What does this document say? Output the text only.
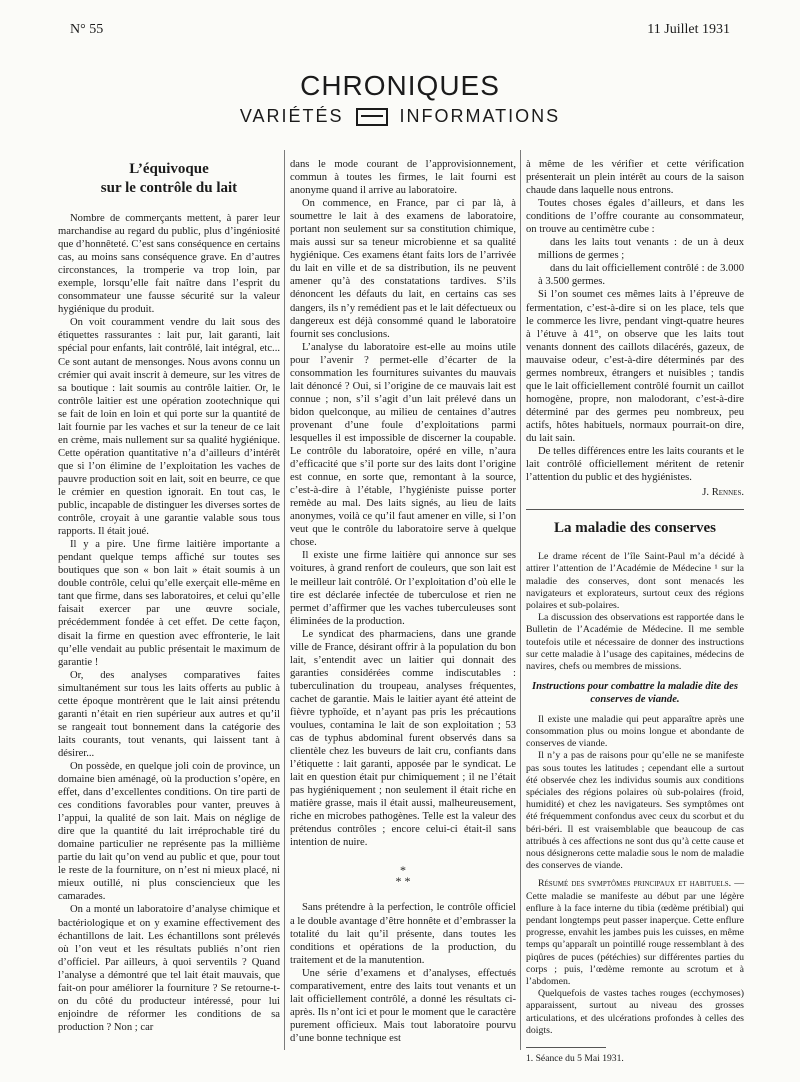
N° 55	11 Juillet 1931
CHRONIQUES
VARIÉTÉS	INFORMATIONS
L’équivoque
sur le contrôle du lait

Nombre de commerçants mettent, à parer leur marchandise au regard du public, plus d’ingéniosité que d’honnêteté. C’est sans conséquence en certains cas, au moins sans conséquence grave. En d’autres circonstances, la tromperie va trop loin, par exemple, lorsqu’elle fait naître dans l’esprit du consommateur une fausse sécurité sur la valeur hygiénique du produit.

On voit couramment vendre du lait sous des étiquettes rassurantes : lait pur, lait garanti, lait spécial pour enfants, lait contrôlé, lait intégral, etc... Ce sont autant de mensonges. Nous avons connu un crémier qui avait inscrit à demeure, sur les vitres de sa boutique : lait soumis au contrôle laitier. Or, le contrôle laitier est une opération zootechnique qui se fait de loin en loin et qui porte sur la quantité de lait fournie par les vaches et sur la teneur de ce lait en crème, mais nullement sur sa qualité hygiénique. Cette opération quantitative n’a d’ailleurs d’intérêt que si l’on élimine de l’exploitation les vaches de pauvre production soit en lait, soit en beurre, ce que le crémier en question ignorait. En tout cas, le public, incapable de distinguer les diverses sortes de contrôle, croyait à une garantie valable sous tous rapports. Il était joué.

Il y a pire. Une firme laitière importante a pendant quelque temps affiché sur toutes ses boutiques que son « bon lait » était soumis à un double contrôle, celui qu’elle exerçait elle-même en tant que firme, dans ses laboratoires, et celui qu’elle faisait exercer par une œuvre sociale, précédemment fondée à cet effet. De cette façon, disait la firme en question avec effronterie, le lait qu’elle vendait au public présentait le maximum de garantie !

Or, des analyses comparatives faites simultanément sur tous les laits offerts au public à cette époque montrèrent que le lait ainsi prétendu garanti n’était en rien supérieur aux autres et qu’il se rangeait tout bonnement dans la catégorie des laits courants, tout venants, qui laissent tant à désirer...

On possède, en quelque joli coin de province, un domaine bien aménagé, où la production s’opère, en effet, dans d’excellentes conditions. On tire parti de ces conditions favorables pour vanter, preuves à l’appui, la qualité de son lait. Mais on néglige de dire que la quantité du lait irréprochable tiré du domaine particulier ne représente pas la millième partie du lait qu’on vend au public et que, pour tout le reste de la fourniture, on n’est ni mieux placé, ni mieux outillé, ni plus consciencieux que les camarades.

On a monté un laboratoire d’analyse chimique et bactériologique et on y examine effectivement des échantillons de lait. Les échantillons sont prélevés où l’on veut et les résultats publiés n’ont rien d’officiel. Par ailleurs, à quoi serventils ? Quand l’analyse a démontré que tel lait était mauvais, que fait-on pour améliorer la fourniture ? Se retourne-t-on du côté du producteur intéressé, pour lui enjoindre de réformer les conditions de sa production ? Non ; car

dans le mode courant de l’approvisionnement, commun à toutes les firmes, le lait fourni est anonyme quand il arrive au laboratoire.

On commence, en France, par ci par là, à soumettre le lait à des examens de laboratoire, portant non seulement sur sa constitution chimique, mais aussi sur sa teneur microbienne et sa qualité hygiénique. Ces examens étant faits lors de l’arrivée du lait en ville et de sa distribution, ils ne peuvent amener qu’à des constatations tardives. S’ils dénoncent les défauts du lait, en certains cas ses dangers, ils n’y remédient pas et le lait défectueux ou dangereux est déjà consommé quand le laboratoire fournit ses conclusions.

L’analyse du laboratoire est-elle au moins utile pour l’avenir ? permet-elle d’écarter de la consommation les fournitures suivantes du mauvais lait dénoncé ? Oui, si l’origine de ce mauvais lait est connue ; non, s’il s’agit d’un lait prélevé dans un bidon quelconque, au milieu de centaines d’autres provenant d’une foule d’exploitations parmi lesquelles il est impossible de discerner la coupable. Le contrôle du laboratoire, opéré en ville, n’aura d’efficacité que s’il porte sur des laits dont l’origine est connue, en sorte que, remontant à la source, c’est-à-dire à l’étable, l’hygiéniste puisse porter remède au mal. Des laits signés, au lieu de laits anonymes, voilà ce qu’il faut amener en ville, si l’on veut que le contrôle du laboratoire serve à quelque chose.

Il existe une firme laitière qui annonce sur ses voitures, à grand renfort de couleurs, que son lait est le meilleur lait contrôlé. Or l’exploitation d’où elle le tire est déclarée infectée de tuberculose et rien ne permet d’affirmer que les vaches tuberculeuses sont éliminées de la production.

Le syndicat des pharmaciens, dans une grande ville de France, désirant offrir à la population du bon lait, s’entendit avec un laitier qui donnait des garanties considérées comme indiscutables : tuberculination du troupeau, analyses fréquentes, cachet de garantie. Mais le laitier ayant été atteint de fièvre typhoïde, et n’ayant pas pris les précautions voulues, contamina le lait de son exploitation ; 53 cas de typhus abdominal furent observés dans sa clientèle chez les buveurs de lait cru, confiants dans l’étiquette : lait garanti, apposée par le syndicat. Le lait en question était pur chimiquement ; il ne l’était pas hygiéniquement ; non seulement il était riche en matière grasse, mais il était aussi, malheureusement, riche en microbes pathogènes. Telle est la valeur des prétendus contrôles ; encore celui-ci était-il sans intention de nuire.

*
* *

Sans prétendre à la perfection, le contrôle officiel a le double avantage d’être honnête et d’embrasser la totalité du lait qu’il présente, dans toutes les conditions et opérations de la production, du traitement et de la manutention.

Une série d’examens et d’analyses, effectués comparativement, entre des laits tout venants et un lait officiellement contrôlé, a donné les résultats ci-après. Ils n’ont ici et pour le moment que le caractère purement officieux. Mais tout laboratoire pourvu d’une bonne technique est

à même de les vérifier et cette vérification présenterait un plein intérêt au cours de la saison chaude dans laquelle nous entrons.

Toutes choses égales d’ailleurs, et dans les conditions de l’offre courante au consommateur, on trouve au centimètre cube :

dans les laits tout venants : de un à deux millions de germes ;

dans du lait officiellement contrôlé : de 3.000 à 3.500 germes.

Si l’on soumet ces mêmes laits à l’épreuve de fermentation, c’est-à-dire si on les place, tels que le commerce les livre, pendant vingt-quatre heures à l’étuve à 41°, on observe que les laits tout venants donnent des caillots dilacérés, gazeux, de mauvaise odeur, c’est-à-dire déterminés par des germes nombreux, étrangers et nuisibles ; tandis que le lait officiellement contrôlé fournit un caillot homogène, propre, non malodorant, c’est-à-dire déterminé par des germes peu nombreux, peu actifs, hôtes habituels, normaux pourrait-on dire, du lait sain.

De telles différences entre les laits courants et le lait contrôlé officiellement méritent de retenir l’attention du public et des hygiénistes.

J. Rennes.
La maladie des conserves

Le drame récent de l’île Saint-Paul m’a décidé à attirer l’attention de l’Académie de Médecine ¹ sur la maladie des conserves, dont sont menacés les navigateurs et explorateurs, surtout ceux des régions polaires et sub-polaires.

La discussion des observations est rapportée dans le Bulletin de l’Académie de Médecine. Il me semble toutefois utile et nécessaire de donner des instructions sur cette maladie à l’usage des capitaines, médecins de navires, chefs ou membres de missions.

Instructions pour combattre la maladie dite des conserves de viande.

Il existe une maladie qui peut apparaître après une consommation plus ou moins longue et abondante de conserves de viande.

Il n’y a pas de raisons pour qu’elle ne se manifeste pas sous toutes les latitudes ; cependant elle a surtout été observée chez les individus soumis aux conditions spéciales des régions polaires où sub-polaires (froid, humidité) et chez les navigateurs. Ses symptômes ont été fréquemment confondus avec ceux du scorbut et du béri-béri. Il est vraisemblable que beaucoup de cas attribués à ces affections ne sont dus qu’à cette cause et nous désignerons cette maladie sous le nom de maladie des conserves de viande.

Résumé des symptômes principaux et habituels. — Cette maladie se manifeste au début par une légère enflure à la face interne du tibia (œdème prétibial) qui pendant longtemps peut passer inaperçue. Cette enflure progresse, envahit les jambes puis les cuisses, en même temps qu’apparaît un pointillé rouge ressemblant à des piqûres de puces (pétéchies) sur différentes parties du corps ; puis, l’œdème remonte au scrotum et à l’abdomen.

Quelquefois de vastes taches rouges (ecchymoses) apparaissent, surtout au niveau des grosses articulations, et des ulcérations profondes à celles des doigts.

1. Séance du 5 Mai 1931.
